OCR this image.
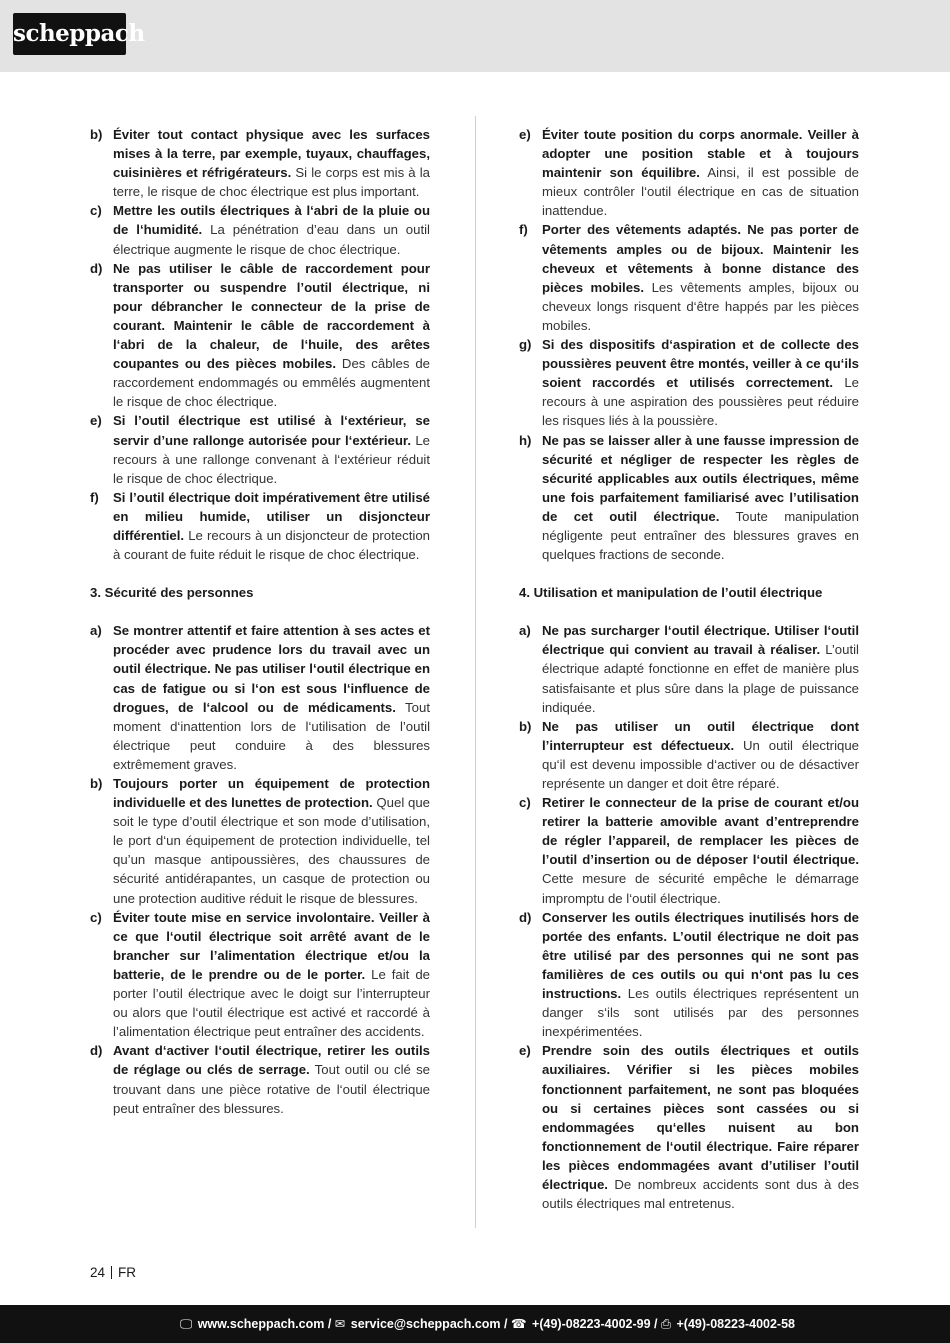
scheppach
b) Éviter tout contact physique avec les surfaces mises à la terre, par exemple, tuyaux, chauffages, cuisinières et réfrigérateurs. Si le corps est mis à la terre, le risque de choc électrique est plus important.
c) Mettre les outils électriques à l‘abri de la pluie ou de l‘humidité. La pénétration d’eau dans un outil électrique augmente le risque de choc électrique.
d) Ne pas utiliser le câble de raccordement pour transporter ou suspendre l’outil électrique, ni pour débrancher le connecteur de la prise de courant. Maintenir le câble de raccordement à l‘abri de la chaleur, de l‘huile, des arêtes coupantes ou des pièces mobiles. Des câbles de raccordement endommagés ou emmêlés augmentent le risque de choc électrique.
e) Si l’outil électrique est utilisé à l‘extérieur, se servir d’une rallonge autorisée pour l‘extérieur. Le recours à une rallonge convenant à l‘extérieur réduit le risque de choc électrique.
f) Si l’outil électrique doit impérativement être utilisé en milieu humide, utiliser un disjoncteur différentiel. Le recours à un disjoncteur de protection à courant de fuite réduit le risque de choc électrique.
3. Sécurité des personnes
a) Se montrer attentif et faire attention à ses actes et procéder avec prudence lors du travail avec un outil électrique. Ne pas utiliser l‘outil électrique en cas de fatigue ou si l‘on est sous l‘influence de drogues, de l‘alcool ou de médicaments. Tout moment d‘inattention lors de l‘utilisation de l’outil électrique peut conduire à des blessures extrêmement graves.
b) Toujours porter un équipement de protection individuelle et des lunettes de protection. Quel que soit le type d’outil électrique et son mode d’utilisation, le port d‘un équipement de protection individuelle, tel qu’un masque antipoussières, des chaussures de sécurité antidérapantes, un casque de protection ou une protection auditive réduit le risque de blessures.
c) Éviter toute mise en service involontaire. Veiller à ce que l‘outil électrique soit arrêté avant de le brancher sur l’alimentation électrique et/ou la batterie, de le prendre ou de le porter. Le fait de porter l’outil électrique avec le doigt sur l’interrupteur ou alors que l‘outil électrique est activé et raccordé à l’alimentation électrique peut entraîner des accidents.
d) Avant d‘activer l‘outil électrique, retirer les outils de réglage ou clés de serrage. Tout outil ou clé se trouvant dans une pièce rotative de l‘outil électrique peut entraîner des blessures.
e) Éviter toute position du corps anormale. Veiller à adopter une position stable et à toujours maintenir son équilibre. Ainsi, il est possible de mieux contrôler l‘outil électrique en cas de situation inattendue.
f) Porter des vêtements adaptés. Ne pas porter de vêtements amples ou de bijoux. Maintenir les cheveux et vêtements à bonne distance des pièces mobiles. Les vêtements amples, bijoux ou cheveux longs risquent d‘être happés par les pièces mobiles.
g) Si des dispositifs d‘aspiration et de collecte des poussières peuvent être montés, veiller à ce qu‘ils soient raccordés et utilisés correctement. Le recours à une aspiration des poussières peut réduire les risques liés à la poussière.
h) Ne pas se laisser aller à une fausse impression de sécurité et négliger de respecter les règles de sécurité applicables aux outils électriques, même une fois parfaitement familiarisé avec l’utilisation de cet outil électrique. Toute manipulation négligente peut entraîner des blessures graves en quelques fractions de seconde.
4. Utilisation et manipulation de l’outil électrique
a) Ne pas surcharger l‘outil électrique. Utiliser l‘outil électrique qui convient au travail à réaliser. L’outil électrique adapté fonctionne en effet de manière plus satisfaisante et plus sûre dans la plage de puissance indiquée.
b) Ne pas utiliser un outil électrique dont l’interrupteur est défectueux. Un outil électrique qu‘il est devenu impossible d‘activer ou de désactiver représente un danger et doit être réparé.
c) Retirer le connecteur de la prise de courant et/ou retirer la batterie amovible avant d’entreprendre de régler l’appareil, de remplacer les pièces de l’outil d’insertion ou de déposer l‘outil électrique. Cette mesure de sécurité empêche le démarrage impromptu de l‘outil électrique.
d) Conserver les outils électriques inutilisés hors de portée des enfants. L’outil électrique ne doit pas être utilisé par des personnes qui ne sont pas familières de ces outils ou qui n‘ont pas lu ces instructions. Les outils électriques représentent un danger s‘ils sont utilisés par des personnes inexpérimentées.
e) Prendre soin des outils électriques et outils auxiliaires. Vérifier si les pièces mobiles fonctionnent parfaitement, ne sont pas bloquées ou si certaines pièces sont cassées ou si endommagées qu‘elles nuisent au bon fonctionnement de l‘outil électrique. Faire réparer les pièces endommagées avant d’utiliser l’outil électrique. De nombreux accidents sont dus à des outils électriques mal entretenus.
24 FR
🖵 www.scheppach.com / ✉ service@scheppach.com / ☎ +(49)-08223-4002-99 / ⎙ +(49)-08223-4002-58
